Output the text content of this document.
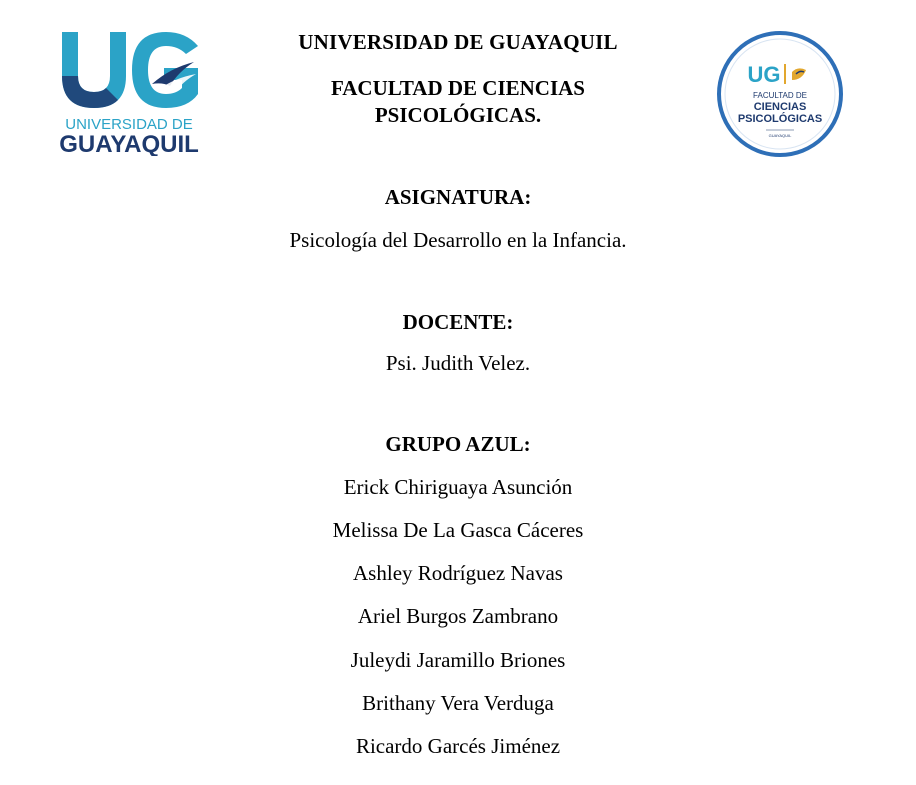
UNIVERSIDAD DE
GUAYAQUIL
UG
FACULTAD DE
CIENCIAS
PSICOLÓGICAS
GUAYAQUIL
UNIVERSIDAD DE GUAYAQUIL
FACULTAD DE CIENCIAS
PSICOLÓGICAS.
ASIGNATURA:
Psicología del Desarrollo en la Infancia.
DOCENTE:
Psi. Judith Velez.
GRUPO AZUL:
Erick Chiriguaya Asunción
Melissa De La Gasca Cáceres
Ashley Rodríguez Navas
Ariel Burgos Zambrano
Juleydi Jaramillo Briones
Brithany Vera Verduga
Ricardo Garcés Jiménez
